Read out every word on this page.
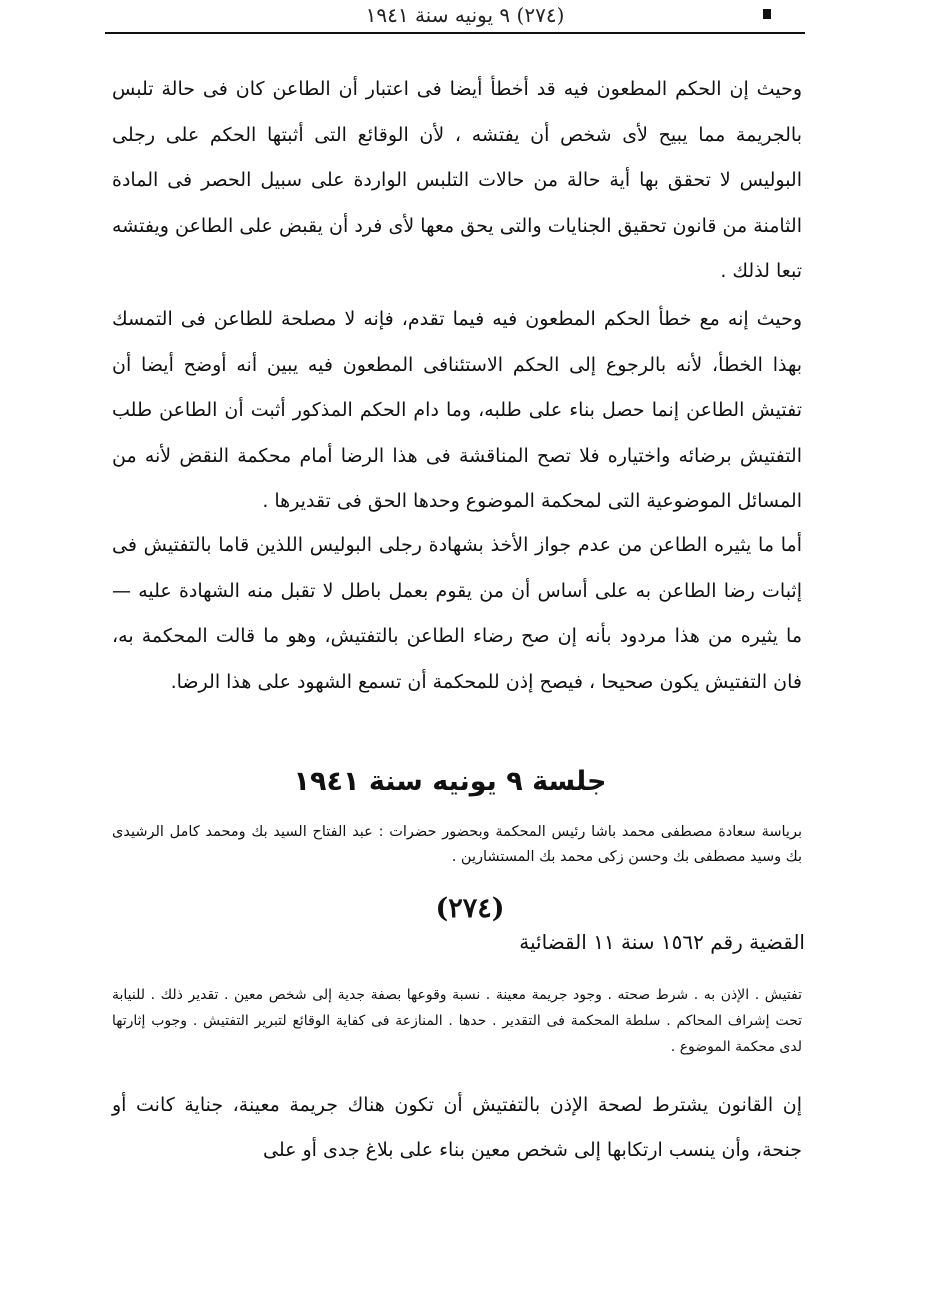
(٢٧٤) ٩ يونيه سنة ١٩٤١

وحيث إن الحكم المطعون فيه قد أخطأ أيضا فى اعتبار أن الطاعن كان فى حالة تلبس بالجريمة مما يبيح لأى شخص أن يفتشه ، لأن الوقائع التى أثبتها الحكم على رجلى البوليس لا تحقق بها أية حالة من حالات التلبس الواردة على سبيل الحصر فى المادة الثامنة من قانون تحقيق الجنايات والتى يحق معها لأى فرد أن يقبض على الطاعن ويفتشه تبعا لذلك .

وحيث إنه مع خطأ الحكم المطعون فيه فيما تقدم، فإنه لا مصلحة للطاعن فى التمسك بهذا الخطأ، لأنه بالرجوع إلى الحكم الاستئنافى المطعون فيه يبين أنه أوضح أيضا أن تفتيش الطاعن إنما حصل بناء على طلبه، وما دام الحكم المذكور أثبت أن الطاعن طلب التفتيش برضائه واختياره فلا تصح المناقشة فى هذا الرضا أمام محكمة النقض لأنه من المسائل الموضوعية التى لمحكمة الموضوع وحدها الحق فى تقديرها .

أما ما يثيره الطاعن من عدم جواز الأخذ بشهادة رجلى البوليس اللذين قاما بالتفتيش فى إثبات رضا الطاعن به على أساس أن من يقوم بعمل باطل لا تقبل منه الشهادة عليه — ما يثيره من هذا مردود بأنه إن صح رضاء الطاعن بالتفتيش، وهو ما قالت المحكمة به، فان التفتيش يكون صحيحا ، فيصح إذن للمحكمة أن تسمع الشهود على هذا الرضا.

جلسة ٩ يونيه سنة ١٩٤١

برياسة سعادة مصطفى محمد باشا رئيس المحكمة وبحضور حضرات : عبد الفتاح السيد بك ومحمد كامل الرشيدى بك وسيد مصطفى بك وحسن زكى محمد بك المستشارين .

(٢٧٤)

القضية رقم ١٥٦٢ سنة ١١ القضائية

تفتيش . الإذن به . شرط صحته . وجود جريمة معينة . نسبة وقوعها بصفة جدية إلى شخص معين . تقدير ذلك . للنيابة تحت إشراف المحاكم . سلطة المحكمة فى التقدير . حدها . المنازعة فى كفاية الوقائع لتبرير التفتيش . وجوب إثارتها لدى محكمة الموضوع .

إن القانون يشترط لصحة الإذن بالتفتيش أن تكون هناك جريمة معينة، جناية كانت أو جنحة، وأن ينسب ارتكابها إلى شخص معين بناء على بلاغ جدى أو على
